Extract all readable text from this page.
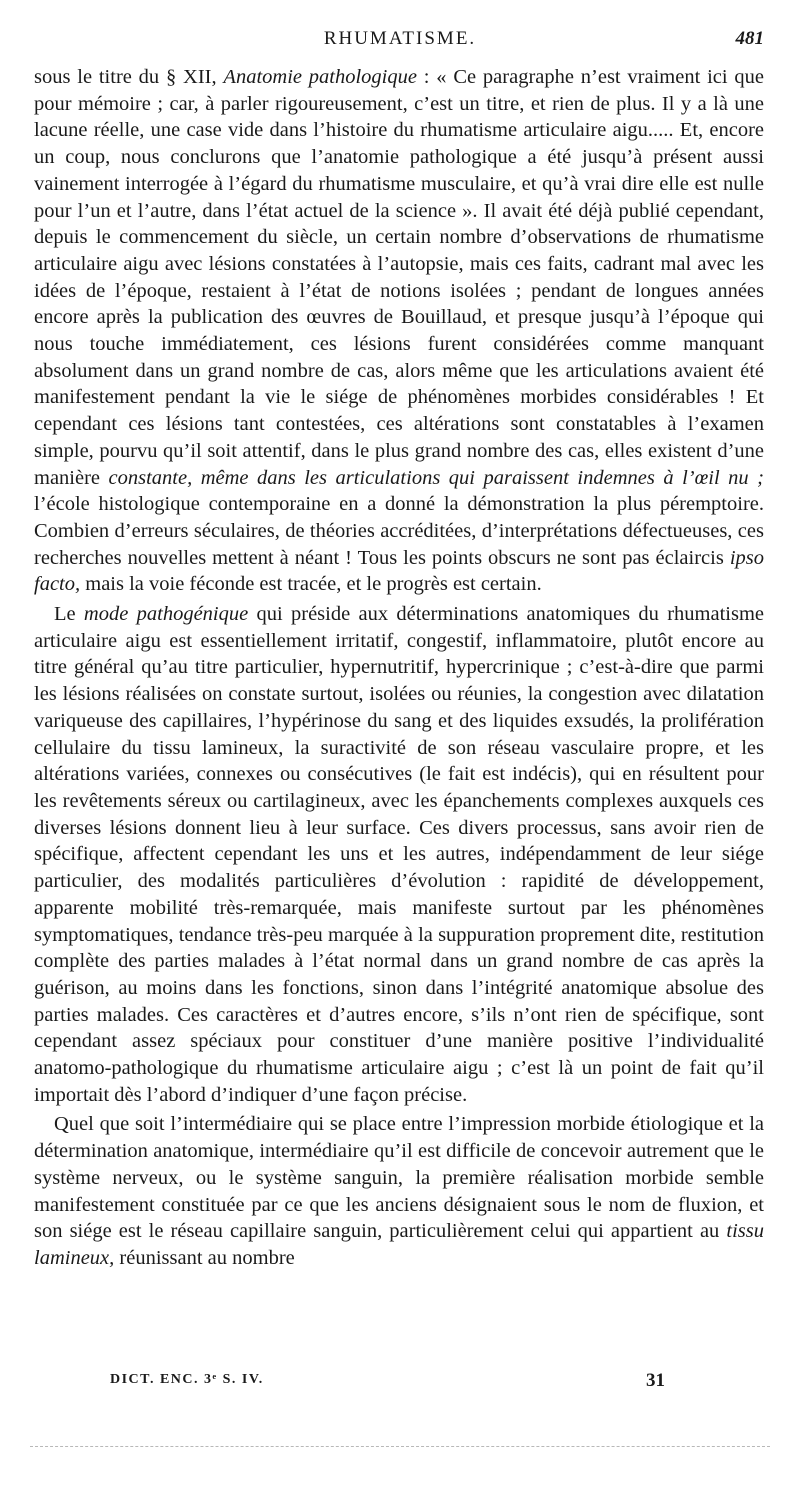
RHUMATISME.	481

sous le titre du § XII, Anatomie pathologique : « Ce paragraphe n’est vraiment ici que pour mémoire ; car, à parler rigoureusement, c’est un titre, et rien de plus. Il y a là une lacune réelle, une case vide dans l’histoire du rhumatisme articulaire aigu..... Et, encore un coup, nous conclurons que l’anatomie pathologique a été jusqu’à présent aussi vainement interrogée à l’égard du rhumatisme musculaire, et qu’à vrai dire elle est nulle pour l’un et l’autre, dans l’état actuel de la science ». Il avait été déjà publié cependant, depuis le commencement du siècle, un certain nombre d’observations de rhumatisme articulaire aigu avec lésions constatées à l’autopsie, mais ces faits, cadrant mal avec les idées de l’époque, restaient à l’état de notions isolées ; pendant de longues années encore après la publication des œuvres de Bouillaud, et presque jusqu’à l’époque qui nous touche immédiatement, ces lésions furent considérées comme manquant absolument dans un grand nombre de cas, alors même que les articulations avaient été manifestement pendant la vie le siége de phénomènes morbides considérables ! Et cependant ces lésions tant contestées, ces altérations sont constatables à l’examen simple, pourvu qu’il soit attentif, dans le plus grand nombre des cas, elles existent d’une manière constante, même dans les articulations qui paraissent indemnes à l’œil nu ; l’école histologique contemporaine en a donné la démonstration la plus péremptoire. Combien d’erreurs séculaires, de théories accréditées, d’interprétations défectueuses, ces recherches nouvelles mettent à néant ! Tous les points obscurs ne sont pas éclaircis ipso facto, mais la voie féconde est tracée, et le progrès est certain.

Le mode pathogénique qui préside aux déterminations anatomiques du rhumatisme articulaire aigu est essentiellement irritatif, congestif, inflammatoire, plutôt encore au titre général qu’au titre particulier, hypernutritif, hypercrinique ; c’est-à-dire que parmi les lésions réalisées on constate surtout, isolées ou réunies, la congestion avec dilatation variqueuse des capillaires, l’hypérinose du sang et des liquides exsudés, la prolifération cellulaire du tissu lamineux, la suractivité de son réseau vasculaire propre, et les altérations variées, connexes ou consécutives (le fait est indécis), qui en résultent pour les revêtements séreux ou cartilagineux, avec les épanchements complexes auxquels ces diverses lésions donnent lieu à leur surface. Ces divers processus, sans avoir rien de spécifique, affectent cependant les uns et les autres, indépendamment de leur siége particulier, des modalités particulières d’évolution : rapidité de développement, apparente mobilité très-remarquée, mais manifeste surtout par les phénomènes symptomatiques, tendance très-peu marquée à la suppuration proprement dite, restitution complète des parties malades à l’état normal dans un grand nombre de cas après la guérison, au moins dans les fonctions, sinon dans l’intégrité anatomique absolue des parties malades. Ces caractères et d’autres encore, s’ils n’ont rien de spécifique, sont cependant assez spéciaux pour constituer d’une manière positive l’individualité anatomo-pathologique du rhumatisme articulaire aigu ; c’est là un point de fait qu’il importait dès l’abord d’indiquer d’une façon précise.

Quel que soit l’intermédiaire qui se place entre l’impression morbide étiologique et la détermination anatomique, intermédiaire qu’il est difficile de concevoir autrement que le système nerveux, ou le système sanguin, la première réalisation morbide semble manifestement constituée par ce que les anciens désignaient sous le nom de fluxion, et son siége est le réseau capillaire sanguin, particulièrement celui qui appartient au tissu lamineux, réunissant au nombre

DICT. ENC. 3ᵉ S. IV.	31
